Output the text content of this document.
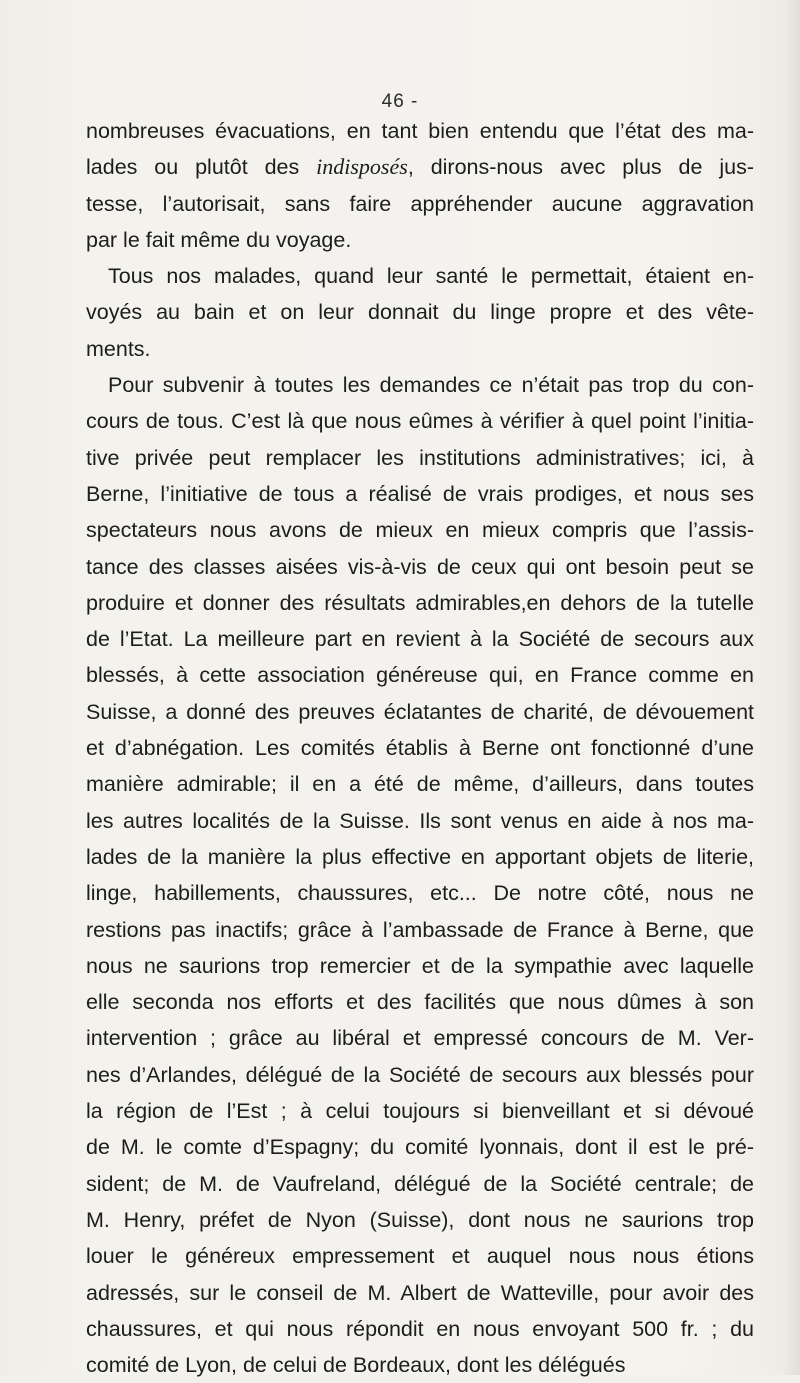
46 -
nombreuses évacuations, en tant bien entendu que l’état des ma-
lades ou plutôt des indisposés, dirons-nous avec plus de jus-
tesse, l’autorisait, sans faire appréhender aucune aggravation
par le fait même du voyage.
Tous nos malades, quand leur santé le permettait, étaient en-
voyés au bain et on leur donnait du linge propre et des vête-
ments.
Pour subvenir à toutes les demandes ce n’était pas trop du con-
cours de tous. C’est là que nous eûmes à vérifier à quel point l’initia-
tive privée peut remplacer les institutions administratives; ici, à
Berne, l’initiative de tous a réalisé de vrais prodiges, et nous ses
spectateurs nous avons de mieux en mieux compris que l’assis-
tance des classes aisées vis-à-vis de ceux qui ont besoin peut se
produire et donner des résultats admirables,en dehors de la tutelle
de l’Etat. La meilleure part en revient à la Société de secours aux
blessés, à cette association généreuse qui, en France comme en
Suisse, a donné des preuves éclatantes de charité, de dévouement
et d’abnégation. Les comités établis à Berne ont fonctionné d’une
manière admirable; il en a été de même, d’ailleurs, dans toutes
les autres localités de la Suisse. Ils sont venus en aide à nos ma-
lades de la manière la plus effective en apportant objets de literie,
linge, habillements, chaussures, etc... De notre côté, nous ne
restions pas inactifs; grâce à l’ambassade de France à Berne, que
nous ne saurions trop remercier et de la sympathie avec laquelle
elle seconda nos efforts et des facilités que nous dûmes à son
intervention ; grâce au libéral et empressé concours de M. Ver-
nes d’Arlandes, délégué de la Société de secours aux blessés pour
la région de l’Est ; à celui toujours si bienveillant et si dévoué
de M. le comte d’Espagny; du comité lyonnais, dont il est le pré-
sident; de M. de Vaufreland, délégué de la Société centrale; de
M. Henry, préfet de Nyon (Suisse), dont nous ne saurions trop
louer le généreux empressement et auquel nous nous étions
adressés, sur le conseil de M. Albert de Watteville, pour avoir des
chaussures, et qui nous répondit en nous envoyant 500 fr. ; du
comité de Lyon, de celui de Bordeaux, dont les délégués
